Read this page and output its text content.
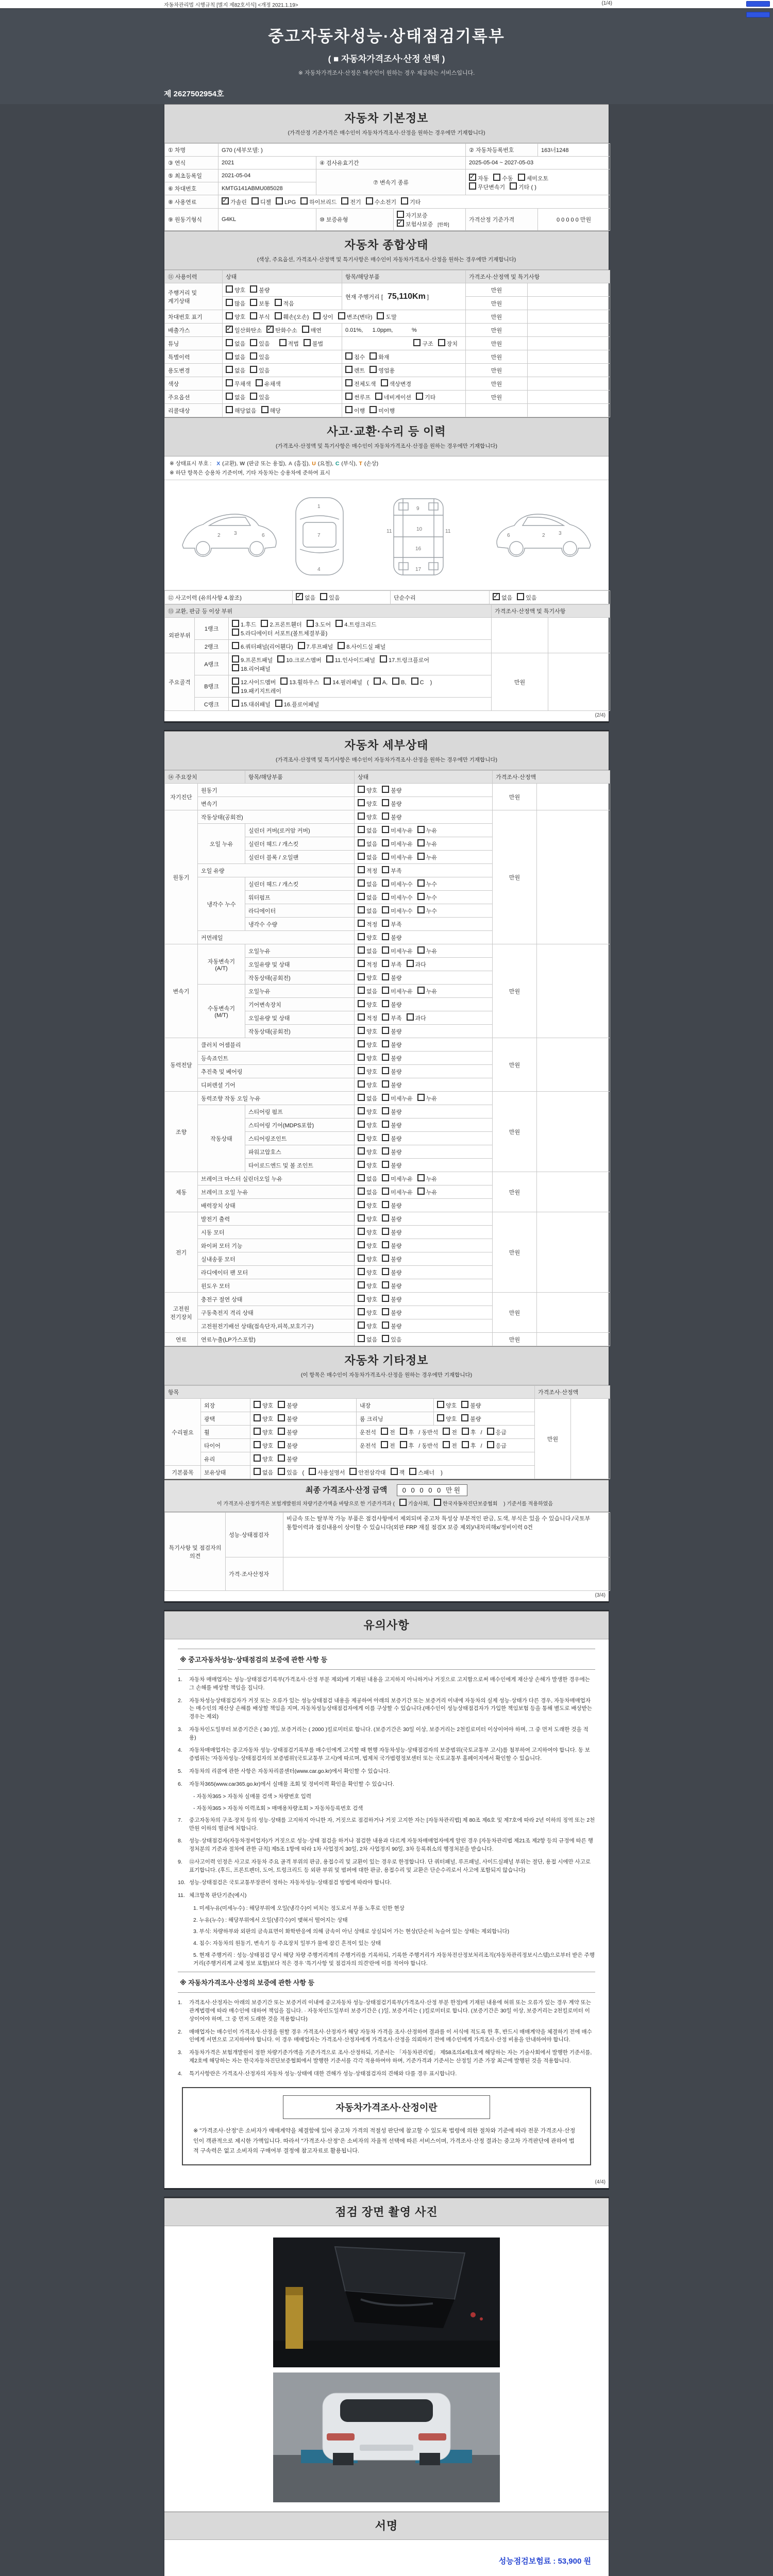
자동차관리법 시행규칙 [별지 제82호서식] <개정 2021.1.19>	(1/4)
중고자동차성능·상태점검기록부
( ■ 자동차가격조사·산정 선택 )
※ 자동차가격조사·산정은 매수인이 원하는 경우 제공하는 서비스입니다.
제 2627502954호
자동차 기본정보
(가격산정 기준가격은 매수인이 자동차가격조사·산정을 원하는 경우에만 기재합니다)
① 차명	G70 (세부모델: )			② 자동차등록번호	163너1248
③ 연식	2021	④ 검사유효기간		2025-05-04 ~ 2027-05-03	
⑤ 최초등록일	2021-05-04	⑦ 변속기 종류	✓자동 수동 세미오토
무단변속기 기타 ( )
⑥ 차대번호	KMTG141ABMU085028				
⑧ 사용연료	✓가솔린 디젤 LPG 하이브리드 전기 수소전기 기타
⑨ 원동기형식	G4KL	⑩ 보증유형	자기보증✓보험사보증 [한화]	가격산정 기준가격	0 0 0 0 0 만원
자동차 종합상태
(색상, 주요옵션, 가격조사·산정액 및 특기사항은 매수인이 자동차가격조사·산정을 원하는 경우에만 기재합니다)
⑪ 사용이력	상태	항목/해당부품	가격조사·산정액 및 특기사항	
주행거리 및 계기상태	양호 불량	현재 주행거리 [ 75,110Km ]	만원	
	많음 보통 적음		만원	
차대번호 표기	양호 부식 훼손(오손) 상이 변조(변타) 도말		만원	
배출가스	✓일산화탄소 ✓ 탄화수소 매연	0.01%,      1.0ppm,            %	만원	
튜닝	없음 있음 적법 불법	구조 장치	만원	
특별이력	없음 있음	침수 화재	만원	
용도변경	없음 있음	렌트 영업용	만원	
색상	무채색 유채색	전체도색 색상변경	만원	
주요옵션	없음 있음	썬루프 네비게이션 기타	만원	
리콜대상	해당없음 해당	이행 미이행		
사고·교환·수리 등 이력
(가격조사·산정액 및 특기사항은 매수인이 자동차가격조사·산정을 원하는 경우에만 기재합니다)
※ 상태표시 부호 : X (교환), W (판금 또는 용접), A (흠집), U (요철), C (부식), T (손상)
※ 하단 항목은 승용차 기준이며, 기타 자동차는 승용차에 준하여 표시
2	3	6
1
7
4
9
10
11	11
16
17
2	3
6
⑫ 사고이력 (유의사항 4.참조)	✓없음 있음	단순수리	✓없음 있음
⑬ 교환, 판금 등 이상 부위			가격조사·산정액 및 특기사항	
외판부위	1랭크	1.후드 2.프론트휀더 3.도어 4.트렁크리드
5.라디에이터 서포트(볼트체결부품)		
	2랭크	6.쿼터패널(리어휀다) 7.루프패널 8.사이드실 패널		
주요골격	A랭크	9.프론트패널 10.크로스멤버 11.인사이드패널 17.트렁크플로어
18.리어패널	만원	
	B랭크	12.사이드멤버 13.휠하우스 14.필러패널 ( A, B, C )
19.패키지트레이		
	C랭크	15.대쉬패널 16.플로어패널		
(2/4)
자동차 세부상태
(가격조사·산정액 및 특기사항은 매수인이 자동차가격조사·산정을 원하는 경우에만 기재합니다)
⑭ 주요장치		항목/해당부품	상태	가격조사·산정액	
자기진단	원동기		양호 불량	만원	
	변속기		양호 불량		
원동기	작동상태(공회전)		양호 불량	만원	
	오일 누유	실린더 커버(로커암 커버)	없음 미세누유 누유		
		실린더 헤드 / 개스킷	없음 미세누유 누유		
		실린더 블록 / 오일팬	없음 미세누유 누유		
	오일 유량		적정 부족		
	냉각수 누수	실린더 헤드 / 개스킷	없음 미세누수 누수		
		워터펌프	없음 미세누수 누수		
		라디에이터	없음 미세누수 누수		
		냉각수 수량	적정 부족		
	커먼레일		양호 불량		
변속기	자동변속기 (A/T)	오일누유	없음 미세누유 누유	만원	
		오일유량 및 상태	적정 부족 과다		
		작동상태(공회전)	양호 불량		
	수동변속기 (M/T)	오일누유	없음 미세누유 누유		
		기어변속장치	양호 불량		
		오일유량 및 상태	적정 부족 과다		
		작동상태(공회전)	양호 불량		
동력전달	클러치 어셈블리		양호 불량	만원	
	등속죠인트		양호 불량		
	추진축 및 베어링		양호 불량		
	디퍼렌셜 기어		양호 불량		
조향	동력조향 작동 오일 누유		없음 미세누유 누유	만원	
	작동상태	스티어링 펌프	양호 불량		
		스티어링 기어(MDPS포함)	양호 불량		
		스티어링조인트	양호 불량		
		파워고압호스	양호 불량		
		타이로드엔드 및 볼 조인트	양호 불량		
제동	브레이크 마스터 실린더오일 누유		없음 미세누유 누유	만원	
	브레이크 오일 누유		없음 미세누유 누유		
	배력장치 상태		양호 불량		
전기	발전기 출력		양호 불량	만원	
	시동 모터		양호 불량		
	와이퍼 모터 기능		양호 불량		
	실내송풍 모터		양호 불량		
	라디에이터 팬 모터		양호 불량		
	윈도우 모터		양호 불량		
고전원 전기장치	충전구 절연 상태		양호 불량	만원	
	구동축전지 격리 상태		양호 불량		
	고전원전기배선 상태(접속단자,피복,보호기구)		양호 불량		
연료	연료누출(LP가스포함)		없음 있음	만원	
자동차 기타정보
(이 항목은 매수인이 자동차가격조사·산정을 원하는 경우에만 기재합니다)
항목					가격조사·산정액	
수리필요	외장	양호 불량	내장	양호 불량	만원	
	광택	양호 불량	룸 크리닝	양호 불량		
	휠	양호 불량	운전석 전 후 / 동반석 전 후 / 응급			
	타이어	양호 불량	운전석 전 후 / 동반석 전 후 / 응급			
	유리	양호 불량				
기본품목	보유상태	없음 있음 ( 사용설명서 안전삼각대 잭 스패너 )				
최종 가격조사·산정 금액 0 0 0 0 0 만원
이 가격조사·산정가격은 보험개발원의 차량기준가액을 바탕으로 한 기준가격과 ( 기술사회,	한국자동차진단보증협회 ) 기준서를 적용하였음
특기사항 및 점검자의 의견	성능·상태점검자	비금속 또는 탈부착 가능 부품은 점검사항에서 제외되며 중고차 특성상 부분적인 판금, 도색, 부식은 있을 수 있습니다./국토부 통합이력과 점검내용이 상이할 수 있습니다(외판 FRP 재질 점검X 보증 제외)/내차피해x/정비이력 0건
	가격·조사산정자	
(3/4)
유의사항
※ 중고자동차성능·상태점검의 보증에 관한 사항 등
1.	자동차 매매업자는 성능·상태점검기록부(가격조사·산정 부분 제외)에 기재된 내용을 고지하지 아니하거나 거짓으로 고지함으로써 매수인에게 재산상 손해가 발생한 경우에는 그 손해를 배상할 책임을 집니다.
2.	자동차성능상태점검자가 거짓 또는 오류가 있는 성능상태점검 내용을 제공하여 아래의 보증기간 또는 보증거리 이내에 자동차의 실제 성능·상태가 다른 경우, 자동차매매업자는 매수인의 재산상 손해를 배상할 책임을 지며, 자동차성능상태점검자에게 이를 구상할 수 있습니다.(매수인이 성능상태점검자가 가입한 책임보험 등을 통해 별도로 배상받는 경우는 제외)
3.	자동차인도일부터 보증기간은 ( 30 )일, 보증거리는 ( 2000 )킬로미터로 합니다. (보증기간은 30일 이상, 보증거리는 2천킬로미터 이상이어야 하며, 그 중 먼저 도래한 것을 적용)
4.	자동차매매업자는 중고자동차 성능·상태점검기록부를 매수인에게 고지할 때 현행 자동차성능·상태점검자의 보증범위(국토교통부 고시)를 첨부하여 고지하여야 합니다. 동 보증범위는 '자동차성능·상태점검자의 보증범위'(국토교통부 고시)에 따르며, 법제처 국가법령정보센터 또는 국토교통부 홈페이지에서 확인할 수 있습니다.
5.	자동차의 리콜에 관한 사항은 자동차리콜센터(www.car.go.kr)에서 확인할 수 있습니다.
6.	자동차365(www.car365.go.kr)에서 실매물 조회 및 정비이력 확인을 확인할 수 있습니다.
- 자동차365 > 자동차 실매물 검색 > 차량번호 입력
- 자동차365 > 자동차 이력조회 > 매매용차량조회 > 자동차등록번호 검색
7.	중고자동차의 구조·장치 등의 성능·상태를 고지하지 아니한 자, 거짓으로 점검하거나 거짓 고지한 자는 [자동차관리법] 제 80조 제6호 및 제7호에 따라 2년 이하의 징역 또는 2천만원 이하의 벌금에 처합니다.
8.	성능·상태점검자(자동차정비업자)가 거짓으로 성능·상태 점검을 하거나 점검한 내용과 다르게 자동차매매업자에게 알린 경우 [자동차관리법 제21조 제2항 등의 규정에 따른 행정처분의 기준과 절차에 관한 규칙] 제5조 1항에 따라 1차 사업정지 30일, 2차 사업정지 90일, 3차 등록취소의 행정처분을 받습니다.
9.	⑫사고이력 인정은 사고로 자동차 주요 골격 부위의 판금, 용접수리 및 교환이 있는 경우로 한정합니다. 단 쿼터패널, 루프패널, 사이드실패널 부위는 절단, 용접 시에만 사고로 표기합니다. (후드, 프론트펜더, 도어, 트렁크리드 등 외판 부위 및 범퍼에 대한 판금, 용접수리 및 교환은 단순수리로서 사고에 포함되지 않습니다)
10. 성능·상태점검은 국토교통부장관이 정하는 자동차성능·상태점검 방법에 따라야 합니다.
11. 체크항목 판단기준(예시)
1. 미세누유(미세누수) : 해당부위에 오일(냉각수)이 비치는 정도로서 부품 노후로 인한 현상
2. 누유(누수) : 해당부위에서 오일(냉각수)이 맺혀서 떨어지는 상태
3. 부식: 차량하부와 외판의 금속표면이 화학반응에 의해 금속이 아닌 상태로 상실되어 가는 현상(단순히 녹슬어 있는 상태는 제외합니다)
4. 침수: 자동차의 원동기, 변속기 등 주요장치 일부가 물에 잠긴 흔적이 있는 상태
5. 현재 주행거리 : 성능·상태점검 당시 해당 차량 주행거리계의 주행거리를 기록하되, 기록한 주행거리가 자동차전산정보처리조직(자동차관리정보시스템)으로부터 받은 주행거리(주행거리계 교체 정보 포함)보다 적은 경우 '특기사항 및 점검자의 의견'란에 이를 적어야 합니다.
※ 자동차가격조사·산정의 보증에 관한 사항 등
1.	가격조사·산정자는 아래의 보증기간 또는 보증거리 이내에 중고자동차 성능·상태점검기록부(가격조사·산정 부분 한정)에 기재된 내용에 허위 또는 오류가 있는 경우 계약 또는 관계법령에 따라 매수인에 대하여 책임을 집니다. · 자동차인도일부터 보증기간은 ( )일, 보증거리는 ( )킬로미터로 합니다. (보증기간은 30일 이상, 보증거리는 2천킬로미터 이상이어야 하며, 그 중 먼저 도래한 것을 적용합니다)
2.	매매업자는 매수인이 가격조사·산정을 원할 경우 가격조사·산정자가 해당 자동차 가격을 조사·산정하여 결과를 이 서식에 적도록 한 후, 반드시 매매계약을 체결하기 전에 매수인에게 서면으로 고지하여야 합니다. 이 경우 매매업자는 가격조사·산정자에게 가격조사·산정을 의뢰하기 전에 매수인에게 가격조사·산정 비용을 안내하여야 합니다.
3.	자동차가격은 보험개발원이 정한 차량기준가액을 기준가격으로 조사·산정하되, 기준서는 「자동차관리법」 제58조의4제1호에 해당하는 자는 기술사회에서 발행한 기준서를, 제2호에 해당하는 자는 한국자동차진단보증협회에서 발행한 기준서를 각각 적용하여야 하며, 기준가격과 기준서는 산정일 기준 가장 최근에 발행된 것을 적용합니다.
4.	특기사항란은 가격조사·산정자의 자동차 성능·상태에 대한 견해가 성능·상태점검자의 견해와 다를 경우 표시합니다.
자동차가격조사·산정이란
※ "가격조사·산정"은 소비자가 매매계약을 체결함에 있어 중고차 가격의 적절성 판단에 참고할 수 있도록 법령에 의한 절차와 기준에 따라 전문 가격조사·산정인이 객관적으로 제시한 가액입니다. 따라서 "가격조사·산정"은 소비자의 자율적 선택에 따른 서비스이며, 가격조사·산정 결과는 중고차 가격판단에 관하여 법적 구속력은 없고 소비자의 구매여부 결정에 참고자료로 활용됩니다.
(4/4)
점검 장면 촬영 사진
서명
성능점검보험료 : 53,900 원
